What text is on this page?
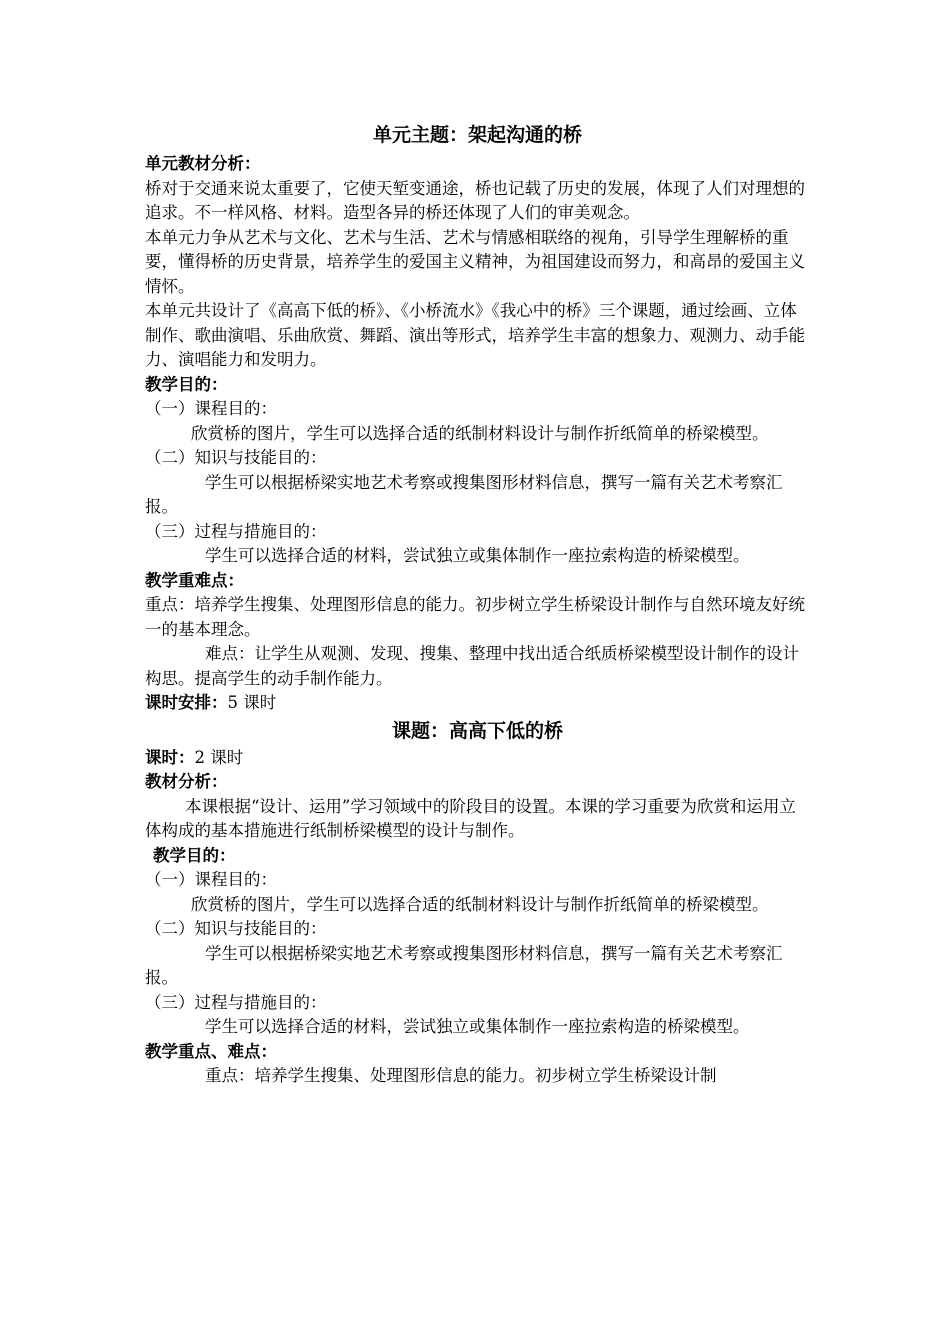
单元主题：架起沟通的桥

单元教材分析：

桥对于交通来说太重要了，它使天堑变通途，桥也记载了历史的发展，体现了人们对理想的追求。不一样风格、材料。造型各异的桥还体现了人们的审美观念。

本单元力争从艺术与文化、艺术与生活、艺术与情感相联络的视角，引导学生理解桥的重要，懂得桥的历史背景，培养学生的爱国主义精神，为祖国建设而努力，和高昂的爱国主义情怀。

本单元共设计了《高高下低的桥》、《小桥流水》《我心中的桥》三个课题，通过绘画、立体制作、歌曲演唱、乐曲欣赏、舞蹈、演出等形式，培养学生丰富的想象力、观测力、动手能力、演唱能力和发明力。

教学目的：

（一）课程目的：

欣赏桥的图片，学生可以选择合适的纸制材料设计与制作折纸简单的桥梁模型。

（二）知识与技能目的：

学生可以根据桥梁实地艺术考察或搜集图形材料信息，撰写一篇有关艺术考察汇报。

（三）过程与措施目的：

学生可以选择合适的材料，尝试独立或集体制作一座拉索构造的桥梁模型。

教学重难点：

重点：培养学生搜集、处理图形信息的能力。初步树立学生桥梁设计制作与自然环境友好统一的基本理念。

难点：让学生从观测、发现、搜集、整理中找出适合纸质桥梁模型设计制作的设计构思。提高学生的动手制作能力。

课时安排：5 课时

课题：高高下低的桥

课时：2 课时

教材分析：

本课根据“设计、运用”学习领域中的阶段目的设置。本课的学习重要为欣赏和运用立体构成的基本措施进行纸制桥梁模型的设计与制作。

教学目的：

（一）课程目的：

欣赏桥的图片，学生可以选择合适的纸制材料设计与制作折纸简单的桥梁模型。

（二）知识与技能目的：

学生可以根据桥梁实地艺术考察或搜集图形材料信息，撰写一篇有关艺术考察汇报。

（三）过程与措施目的：

学生可以选择合适的材料，尝试独立或集体制作一座拉索构造的桥梁模型。

教学重点、难点：

重点：培养学生搜集、处理图形信息的能力。初步树立学生桥梁设计制
